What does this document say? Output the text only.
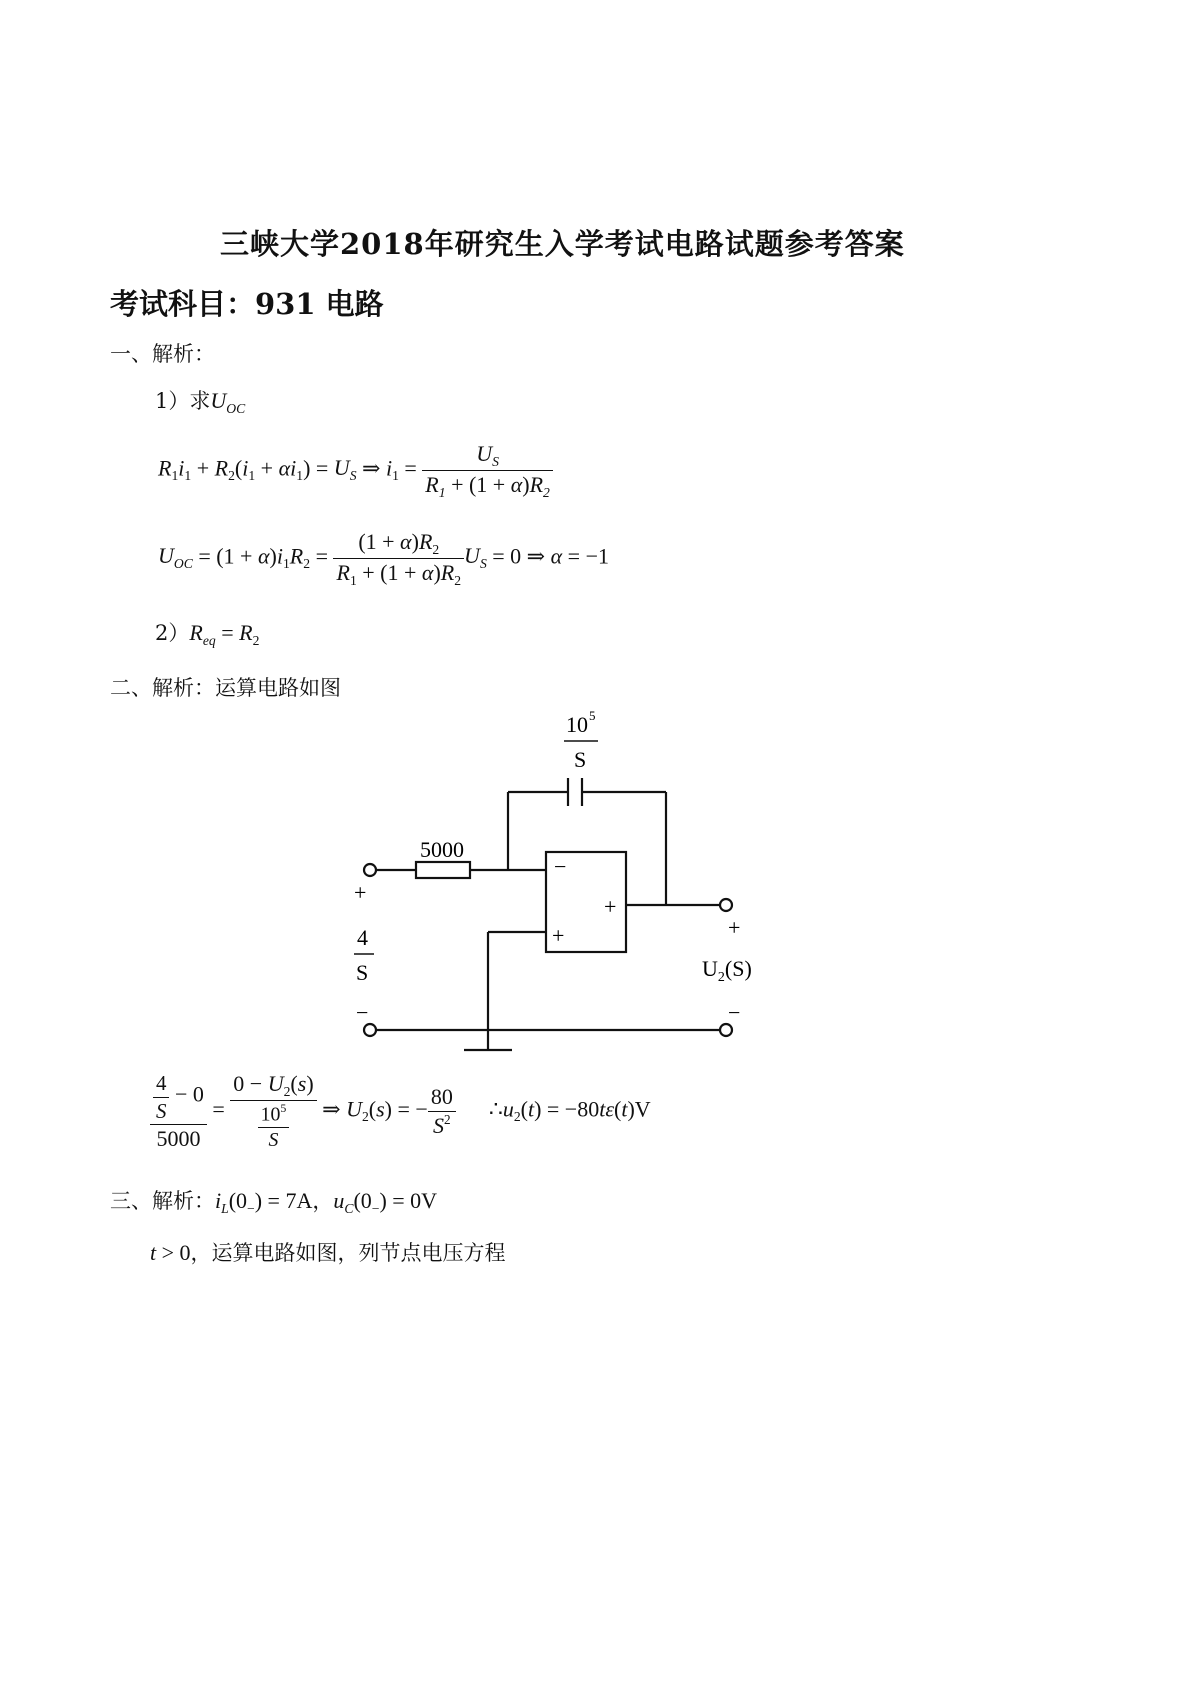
三峡大学2018年研究生入学考试电路试题参考答案
考试科目：931 电路
一、解析：
1）求$U_{OC}$
$R_1i_1 + R_2(i_1 + \alpha i_1) = U_S$ ⇒ $i_1 = \frac{U_S}{R_1 + (1 + \alpha)R_2}$
$U_{OC} = (1 + \alpha)i_1R_2 = \frac{(1 + \alpha)R_2}{R_1 + (1 + \alpha)R_2} U_S = 0$ ⇒ α = −1
$2)R_{eq} = R_2$
二、解析：运算电路如图
10 5
S
5000
−
+
+
+
4
S
−
+
$U_2(S)$
−
$\frac{\frac{4}{S} - 0}{5000} = \frac{0 - U_2(s)}{\frac{10^5}{S}}$ ⇒ $U_2(s)$ = − $\frac{80}{S^2}$ $\therefore u_2(t) = -80t\varepsilon(t)V$
三、解析：$i_L(0_-) = 7A$，$u_C(0_-) = 0V$
t > 0，运算电路如图，列节点电压方程
